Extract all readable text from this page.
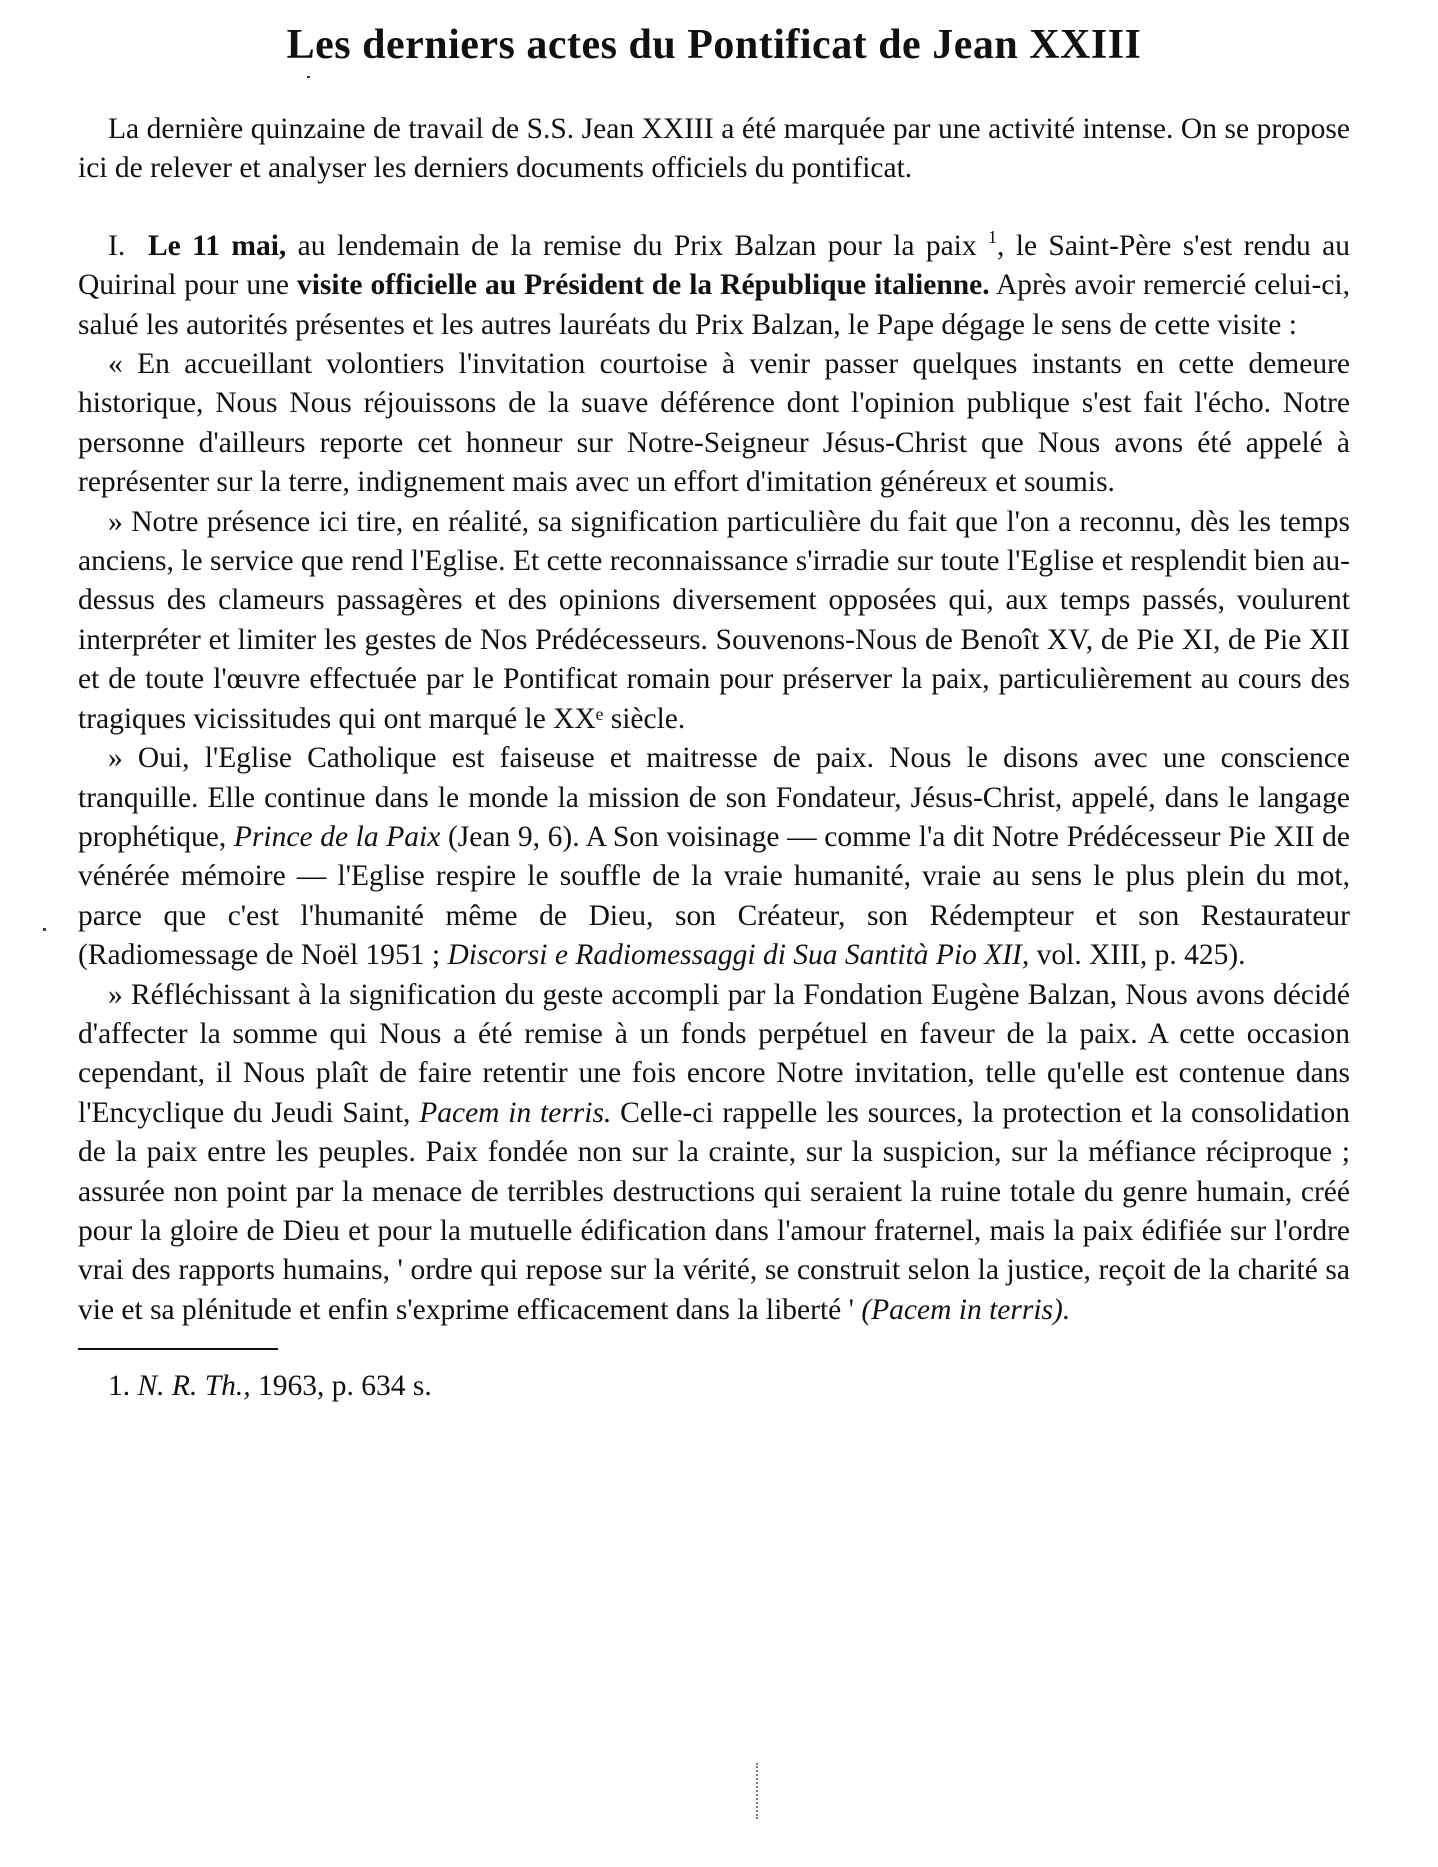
Les derniers actes du Pontificat de Jean XXIII

La dernière quinzaine de travail de S.S. Jean XXIII a été marquée par une activité intense. On se propose ici de relever et analyser les derniers documents officiels du pontificat.

I. Le 11 mai, au lendemain de la remise du Prix Balzan pour la paix $^1$, le Saint-Père s'est rendu au Quirinal pour une visite officielle au Président de la République italienne. Après avoir remercié celui-ci, salué les autorités présentes et les autres lauréats du Prix Balzan, le Pape dégage le sens de cette visite :

« En accueillant volontiers l'invitation courtoise à venir passer quelques instants en cette demeure historique, Nous Nous réjouissons de la suave déférence dont l'opinion publique s'est fait l'écho. Notre personne d'ailleurs reporte cet honneur sur Notre-Seigneur Jésus-Christ que Nous avons été appelé à représenter sur la terre, indignement mais avec un effort d'imitation généreux et soumis.

» Notre présence ici tire, en réalité, sa signification particulière du fait que l'on a reconnu, dès les temps anciens, le service que rend l'Eglise. Et cette reconnaissance s'irradie sur toute l'Eglise et resplendit bien au-dessus des clameurs passagères et des opinions diversement opposées qui, aux temps passés, voulurent interpréter et limiter les gestes de Nos Prédécesseurs. Souvenons-Nous de Benoît XV, de Pie XI, de Pie XII et de toute l'œuvre effectuée par le Pontificat romain pour préserver la paix, particulièrement au cours des tragiques vicissitudes qui ont marqué le XXᵉ siècle.

» Oui, l'Eglise Catholique est faiseuse et maitresse de paix. Nous le disons avec une conscience tranquille. Elle continue dans le monde la mission de son Fondateur, Jésus-Christ, appelé, dans le langage prophétique, Prince de la Paix (Jean 9, 6). A Son voisinage — comme l'a dit Notre Prédécesseur Pie XII de vénérée mémoire — l'Eglise respire le souffle de la vraie humanité, vraie au sens le plus plein du mot, parce que c'est l'humanité même de Dieu, son Créateur, son Rédempteur et son Restaurateur (Radiomessage de Noël 1951 ; Discorsi e Radiomessaggi di Sua Santità Pio XII, vol. XIII, p. 425).

» Réfléchissant à la signification du geste accompli par la Fondation Eugène Balzan, Nous avons décidé d'affecter la somme qui Nous a été remise à un fonds perpétuel en faveur de la paix. A cette occasion cependant, il Nous plaît de faire retentir une fois encore Notre invitation, telle qu'elle est contenue dans l'Encyclique du Jeudi Saint, Pacem in terris. Celle-ci rappelle les sources, la protection et la consolidation de la paix entre les peuples. Paix fondée non sur la crainte, sur la suspicion, sur la méfiance réciproque ; assurée non point par la menace de terribles destructions qui seraient la ruine totale du genre humain, créé pour la gloire de Dieu et pour la mutuelle édification dans l'amour fraternel, mais la paix édifiée sur l'ordre vrai des rapports humains, ' ordre qui repose sur la vérité, se construit selon la justice, reçoit de la charité sa vie et sa plénitude et enfin s'exprime efficacement dans la liberté ' (Pacem in terris).

1. N. R. Th., 1963, p. 634 s.
